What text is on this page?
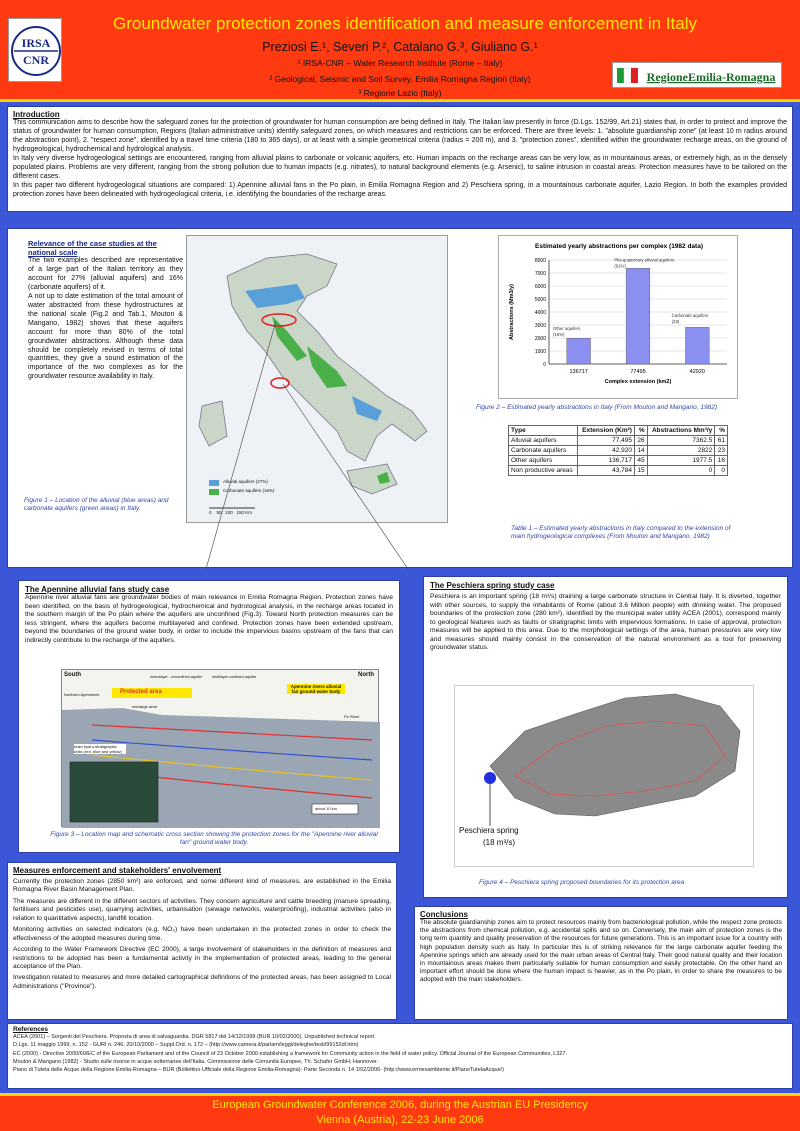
IRSA
CNR
Groundwater protection zones identification and measure enforcement in Italy
Preziosi E.¹, Severi P.², Catalano G.³, Giuliano G.¹
¹ IRSA-CNR – Water Research Institute (Rome – Italy)
² Geological, Seismic and Soil Survey, Emilia Romagna Region (Italy)
³ Regione Lazio (Italy)
RegioneEmilia-Romagna
Introduction

This communication aims to describe how the safeguard zones for the protection of groundwater for human consumption are being defined in Italy. The Italian law presently in force (D.Lgs. 152/99, Art.21) states that, in order to protect and improve the status of groundwater for human consumption, Regions (Italian administrative units) identify safeguard zones, on which measures and restrictions can be enforced. There are three levels: 1. "absolute guardianship zone" (at least 10 m radius around the abstraction point), 2. "respect zone", identified by a travel time criteria (180 to 365 days), or at least with a simple geometrical criteria (radius = 200 m), and 3. "protection zones", identified within the groundwater recharge areas, on the ground of hydrogeological, hydrochemical and hydrological analysis.

In Italy very diverse hydrogeological settings are encountered, ranging from alluvial plains to carbonate or volcanic aquifers, etc. Human impacts on the recharge areas can be very low, as in mountainous areas, or extremely high, as in the densely populated plains. Problems are very different, ranging from the strong pollution due to human impacts (e.g. nitrates), to natural background elements (e.g. Arsenic), to saline intrusion in coastal areas. Protection measures have to be tailored on the different cases.

In this paper two different hydrogeological situations are compared: 1) Apennine alluvial fans in the Po plain, in Emilia Romagna Region and 2) Peschiera spring, in a mountainous carbonate aquifer, Lazio Region. In both the examples provided protection zones have been delineated with hydrogeological criteria, i.e. identifying the boundaries of the recharge areas.

Relevance of the case studies at the national scale

The two examples described are representative of a large part of the Italian territory as they account for 27% (alluvial aquifers) and 16% (carbonate aquifers) of it.

A not up to date estimation of the total amount of water abstracted from these hydrostructures at the national scale (Fig.2 and Tab.1, Mouton & Mangano, 1982) shows that these aquifers account for more than 80% of the total groundwater abstractions. Although these data should be completely revised in terms of total quantities, they give a sound estimation of the importance of the two complexes as for the groundwater resource availability in Italy.

Figure 1 – Location of the alluvial (blue areas) and carbonate aquifers (green areas) in Italy.
Alluvial aquifers (27%)
Carbonate aquifers (16%)
0    50   100   150 Km
Estimated yearly abstractions per complex (1982 data)
0
1000
2000
3000
4000
5000
6000
7000
8000
136717	77495	42920
Other aquifers
(16%)
Plio-quaternary alluvial aquifers
(61%)
Carbonate aquifers
(23)
Complex extension (km2)
Abstractions (Mm3/y)
Figure 2 – Estimated yearly abstractions in Italy (From Mouton and Mangano, 1982)
Type	Extension (Km²)	%	Abstractions Mm³/y	%
Alluvial aquifers	77,495	26	7362.5	61
Carbonate aquifers	42,920	14	2822	23
Other aquifers	136,717	45	1977.5	16
Non productive areas	43,784	15	0	0
Table 1 – Estimated yearly abstractions in Italy compared to the extension of main hydrogeological complexes (From Mouton and Mangano, 1982)
The Apennine alluvial fans study case

Apennine river alluvial fans are groundwater bodies of main relevance in Emilia Romagna Region. Protection zones have been identified, on the basis of hydrogeological, hydrochemical and hydrological analysis, in the recharge areas located in the southern margin of the Po plain where the aquifers are unconfined (Fig.3). Toward North protection measures can be less stringent, where the aquifers become multilayered and confined. Protection zones have been extended upstream, beyond the boundaries of the ground water body, in order to include the impervious basins upstream of the fans that can indirectly contribute to the recharge of the aquifers.

South	North
Protected area
Northern Apennines
recharge area
monolayer - unconfined aquifer	multilayer confined aquifer
Apennine rivers alluvial fan ground water body
Po River
main hydro-stratigraphic units (red, blue and yellow)
about 10 km
Figure 3 – Location map and schematic cross section showing the protection zones for the "Apennine river alluvial fan" ground water body.
The Peschiera spring study case

Peschiera is an important spring (18 m³/s) draining a large carbonate structure in Central Italy. It is diverted, together with other sources, to supply the inhabitants of Rome (about 3.6 Million people) with drinking water. The proposed boundaries of the protection zone (280 km²), identified by the municipal water utility ACEA (2001), correspond mainly to geological features such as faults or stratigraphic limits with impervious formations. In case of approval, protection measures will be applied to this area. Due to the morphological settings of the area, human pressures are very low and measures should mainly consist in the conservation of the natural environment as a tool for preserving groundwater status.

Peschiera spring
(18 m³/s)
Figure 4 – Peschiera spring proposed boundaries for its protection area
Measures enforcement and stakeholders' envolvement

Currently the protection zones (2850 km²) are enforced, and some different kind of measures, are established in the Emilia Romagna River Basin Management Plan.

The measures are different in the different sectors of activities. They concern agriculture and cattle breeding (manure spreading, fertilisers and pesticides use), quarrying activities, urbanisation (sewage networks, waterproofing), industrial activities (also in relation to quantitative aspects), landfill location.

Monitoring activities on selected indicators (e.g. NO₃) have been undertaken in the protected zones in order to check the effectiveness of the adopted measures during time.

According to the Water Framework Directive (EC 2000), a large involvement of stakeholders in the definition of measures and restrictions to be adopted has been a fundamental activity in the implementation of protected areas, leading to the general acceptance of the Plan.

Investigation related to measures and more detailed cartographical definitions of the protected areas, has been assigned to Local Administrations ("Province").

Conclusions

The absolute guardianship zones aim to protect resources mainly from bacteriological pollution, while the respect zone protects the abstractions from chemical pollution, e.g. accidental spills and so on. Conversely, the main aim of protection zones is the long term quantity and quality preservation of the resources for future generations. This is an important issue for a country with high population density such as Italy. In particular this is of striking relevance for the large carbonate aquifer feeding the Apennine springs which are already used for the main urban areas of Central Italy. Their good natural quality and their location in mountainous areas makes them particularly suitable for human consumption and easily protectable. On the other hand an important effort should be done where the human impact is heavier, as in the Po plain, in order to share the measures to be adopted with the main stakeholders.

References

ACEA (2001) – Sorgenti del Peschiera. Proposta di area di salvaguardia. DGR 5817 del 14/12/1999 (BUR 10/02/2000). Unpublished technical report.

D.Lgs. 11 maggio 1999, n. 152 - GURI n. 246, 20/10/2000 – Suppl.Ord. n. 172 – (http://www.camera.it/parlam/leggi/deleghe/testi/99152dl.htm)

EC (2000) - Directive 2000/60/EC of the European Parliament and of the Council of 23 October 2000 establishing a framework for Community action in the field of water policy. Official Journal of the European Communities, L327.

Mouton & Mangano (1982) - Studio sulle risorse in acque sotterranee dell'Italia. Commissione delle Comunità Europee, Th. Schafer GmbH, Hannover.

Piano di Tutela delle Acque della Regione Emilia-Romagna – BUR (Bollettino Ufficiale della Regione Emilia-Romagna)- Parte Seconda n. 14 1/02/2006- (http://www.ermesambiente.it/PianoTutelaAcque/)

European Groundwater Conference 2006, during the Austrian EU Presidency
Vienna (Austria), 22-23 June 2006
